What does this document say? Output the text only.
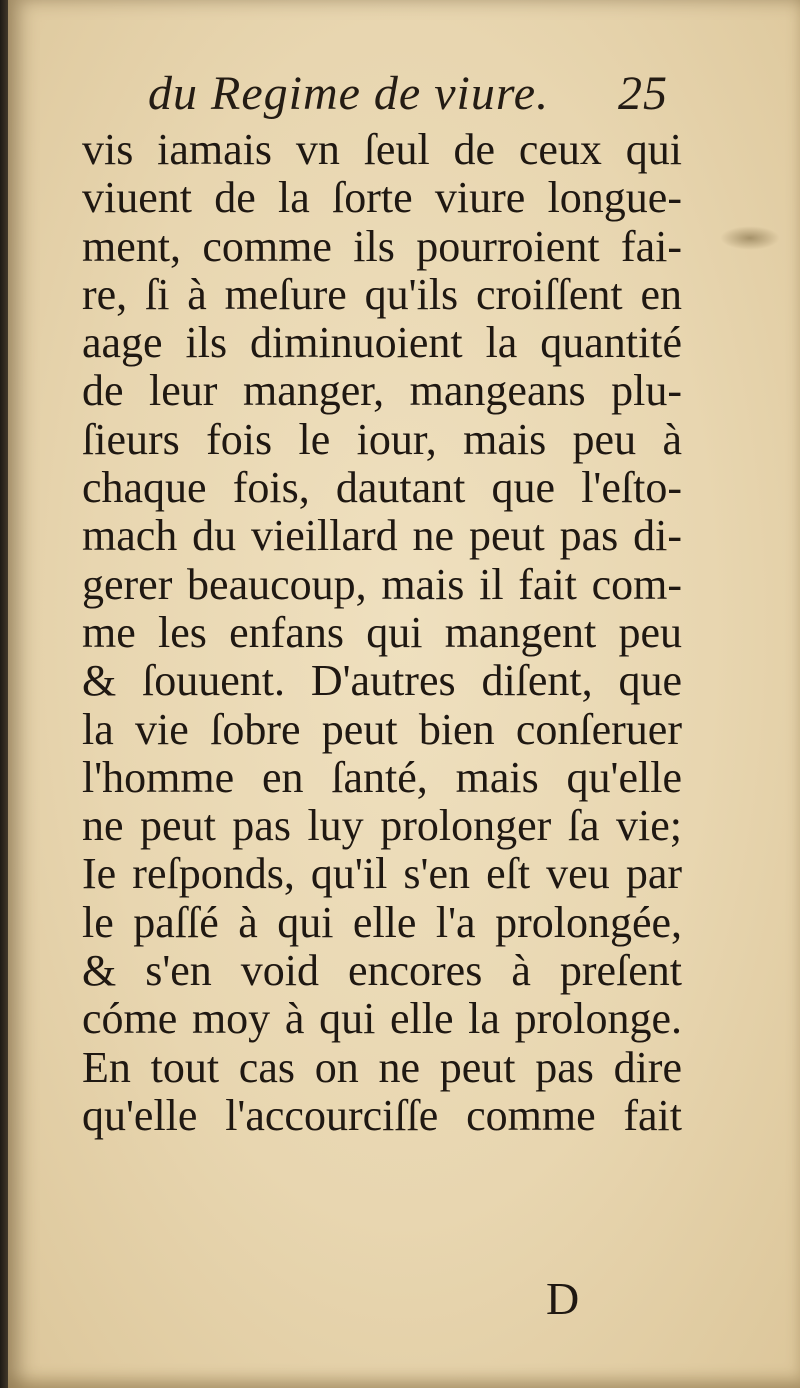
du Regime de viure. 25
vis iamais vn ſeul de ceux qui
viuent de la ſorte viure longue-
ment, comme ils pourroient fai-
re, ſi à meſure qu'ils croiſſent en
aage ils diminuoient la quantité
de leur manger, mangeans plu-
ſieurs fois le iour, mais peu à
chaque fois, dautant que l'eſto-
mach du vieillard ne peut pas di-
gerer beaucoup, mais il fait com-
me les enfans qui mangent peu
& ſouuent. D'autres diſent, que
la vie ſobre peut bien conſeruer
l'homme en ſanté, mais qu'elle
ne peut pas luy prolonger ſa vie;
Ie reſponds, qu'il s'en eſt veu par
le paſſé à qui elle l'a prolongée,
& s'en void encores à preſent
cóme moy à qui elle la prolonge.
En tout cas on ne peut pas dire
qu'elle l'accourciſſe comme fait
D
